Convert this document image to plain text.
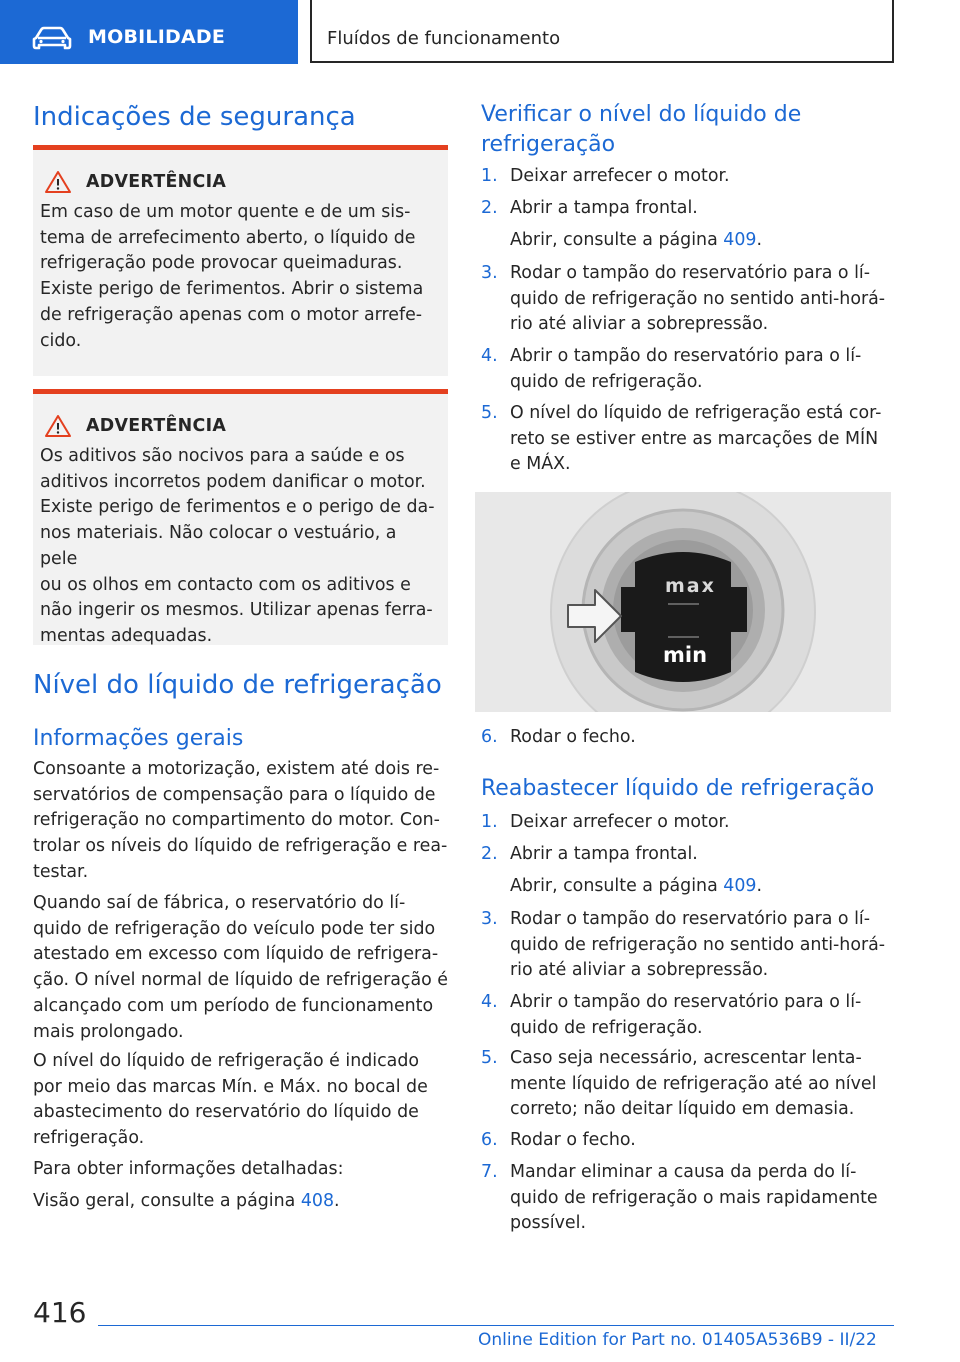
MOBILIDADE	Fluídos de funcionamento
Indicações de segurança
ADVERTÊNCIA
Em caso de um motor quente e de um sis-
tema de arrefecimento aberto, o líquido de
refrigeração pode provocar queimaduras.
Existe perigo de ferimentos. Abrir o sistema
de refrigeração apenas com o motor arrefe-
cido.
ADVERTÊNCIA
Os aditivos são nocivos para a saúde e os
aditivos incorretos podem danificar o motor.
Existe perigo de ferimentos e o perigo de da-
nos materiais. Não colocar o vestuário, a pele
ou os olhos em contacto com os aditivos e
não ingerir os mesmos. Utilizar apenas ferra-
mentas adequadas.
Nível do líquido de refrigeração
Informações gerais
Consoante a motorização, existem até dois re-
servatórios de compensação para o líquido de
refrigeração no compartimento do motor. Con-
trolar os níveis do líquido de refrigeração e rea-
testar.
Quando saí de fábrica, o reservatório do lí-
quido de refrigeração do veículo pode ter sido
atestado em excesso com líquido de refrigera-
ção. O nível normal de líquido de refrigeração é
alcançado com um período de funcionamento
mais prolongado.
O nível do líquido de refrigeração é indicado
por meio das marcas Mín. e Máx. no bocal de
abastecimento do reservatório do líquido de
refrigeração.
Para obter informações detalhadas:
Visão geral, consulte a página 408.
Verificar o nível do líquido de
refrigeração
1. Deixar arrefecer o motor.
2. Abrir a tampa frontal.
Abrir, consulte a página 409.
3. Rodar o tampão do reservatório para o lí-
quido de refrigeração no sentido anti-horá-
rio até aliviar a sobrepressão.
4. Abrir o tampão do reservatório para o lí-
quido de refrigeração.
5. O nível do líquido de refrigeração está cor-
reto se estiver entre as marcações de MÍN
e MÁX.
max
min
6. Rodar o fecho.
Reabastecer líquido de refrigeração
1. Deixar arrefecer o motor.
2. Abrir a tampa frontal.
Abrir, consulte a página 409.
3. Rodar o tampão do reservatório para o lí-
quido de refrigeração no sentido anti-horá-
rio até aliviar a sobrepressão.
4. Abrir o tampão do reservatório para o lí-
quido de refrigeração.
5. Caso seja necessário, acrescentar lenta-
mente líquido de refrigeração até ao nível
correto; não deitar líquido em demasia.
6. Rodar o fecho.
7. Mandar eliminar a causa da perda do lí-
quido de refrigeração o mais rapidamente
possível.
416
Online Edition for Part no. 01405A536B9 - II/22
